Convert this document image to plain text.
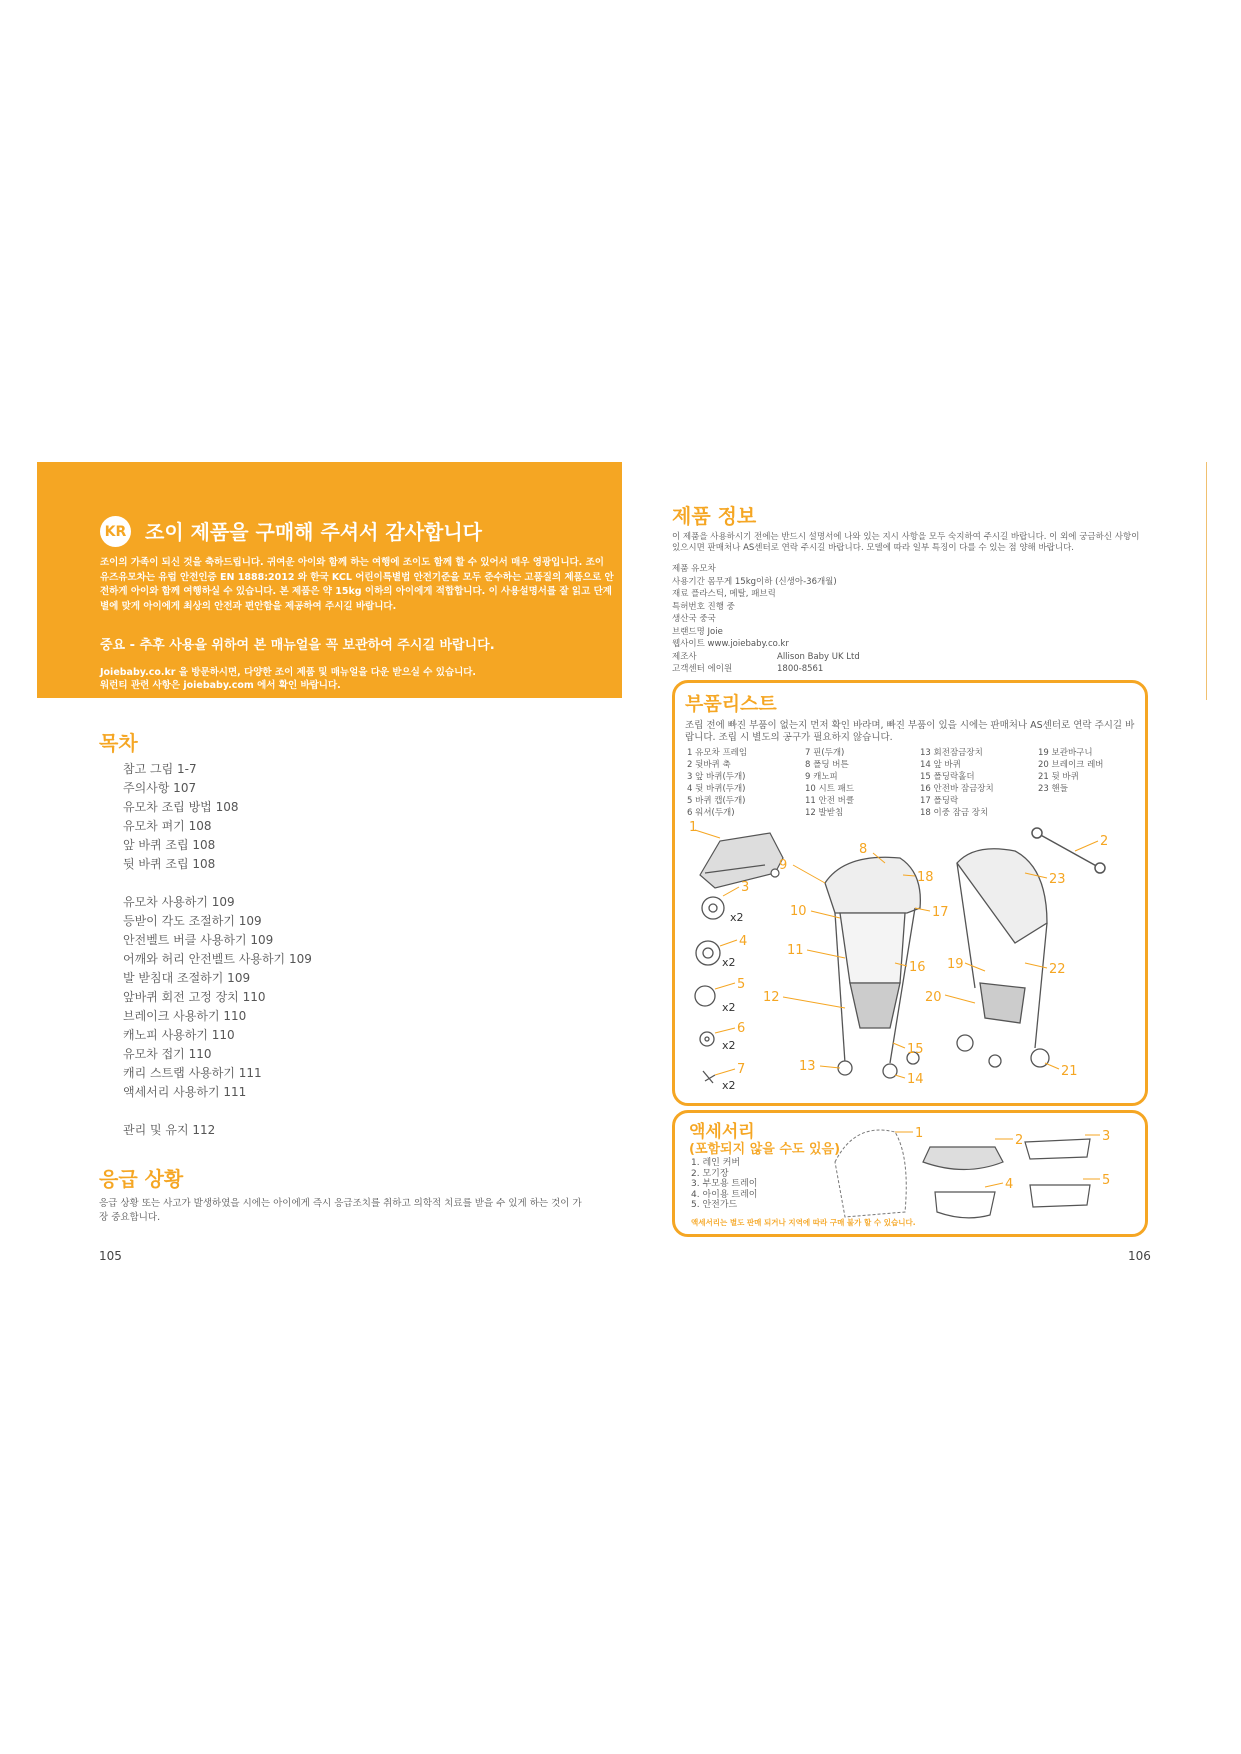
KR 조이 제품을 구매해 주셔서 감사합니다
조이의 가족이 되신 것을 축하드립니다. 귀여운 아이와 함께 하는 여행에 조이도 함께 할 수 있어서 매우 영광입니다. 조이 유즈유모차는 유럽 안전인증 EN 1888:2012 와 한국 KCL 어린이특별법 안전기준을 모두 준수하는 고품질의 제품으로 안전하게 아이와 함께 여행하실 수 있습니다. 본 제품은 약 15kg 이하의 아이에게 적합합니다. 이 사용설명서를 잘 읽고 단계별에 맞게 아이에게 최상의 안전과 편안함을 제공하여 주시길 바랍니다.
중요 - 추후 사용을 위하여 본 매뉴얼을 꼭 보관하여 주시길 바랍니다.
Joiebaby.co.kr 을 방문하시면, 다양한 조이 제품 및 매뉴얼을 다운 받으실 수 있습니다.
워런티 관련 사항은 joiebaby.com 에서 확인 바랍니다.
목차
참고 그림 1-7
주의사항 107
유모차 조립 방법 108
유모차 펴기 108
앞 바퀴 조립 108
뒷 바퀴 조립 108
유모차 사용하기 109
등받이 각도 조절하기 109
안전벨트 버클 사용하기 109
어깨와 허리 안전벨트 사용하기 109
발 받침대 조절하기 109
앞바퀴 회전 고정 장치 110
브레이크 사용하기 110
캐노피 사용하기 110
유모차 접기 110
캐리 스트랩 사용하기 111
액세서리 사용하기 111
관리 및 유지 112
응급 상황
응급 상황 또는 사고가 발생하였을 시에는 아이에게 즉시 응급조치를 취하고 의학적 치료를 받을 수 있게 하는 것이 가장 중요합니다.
105
제품 정보
이 제품을 사용하시기 전에는 반드시 설명서에 나와 있는 지시 사항을 모두 숙지하여 주시길 바랍니다. 이 외에 궁금하신 사항이 있으시면 판매처나 AS센터로 연락 주시길 바랍니다. 모델에 따라 일부 특징이 다를 수 있는 점 양해 바랍니다.
제품 유모차
사용기간 몸무게 15kg이하 (신생아-36개월)
재료 플라스틱, 메탈, 패브릭
특허번호 진행 중
생산국 중국
브랜드명 Joie
웹사이트 www.joiebaby.co.kr
제조사	Allison Baby UK Ltd
고객센터 에이원	1800-8561
부품리스트
조립 전에 빠진 부품이 없는지 먼저 확인 바라며, 빠진 부품이 있을 시에는 판매처나 AS센터로 연락 주시길 바랍니다. 조립 시 별도의 공구가 필요하지 않습니다.
1 유모차 프레임
2 뒷바퀴 축
3 앞 바퀴(두개)
4 뒷 바퀴(두개)
5 바퀴 캡(두개)
6 워셔(두개)
7 핀(두개)
8 폴딩 버튼
9 캐노피
10 시트 패드
11 안전 버클
12 발받침
13 회전잠금장치
14 앞 바퀴
15 폴딩락홀더
16 안전바 잠금장치
17 폴딩락
18 이중 잠금 장치
19 보관바구니
20 브레이크 레버
21 뒷 바퀴
23 핸들
1
2
3
x2
4
x2
5
x2
6
x2
7
x2
9
8
10
11
12
13
14
15
16
17
18	23
19	22
20
21
액세서리
(포함되지 않을 수도 있음)
1. 레인 커버
2. 모기장
3. 부모용 트레이
4. 아이용 트레이
5. 안전가드
액세서리는 별도 판매 되거나 지역에 따라 구매 불가 할 수 있습니다.
1	2	3
4	5
106
